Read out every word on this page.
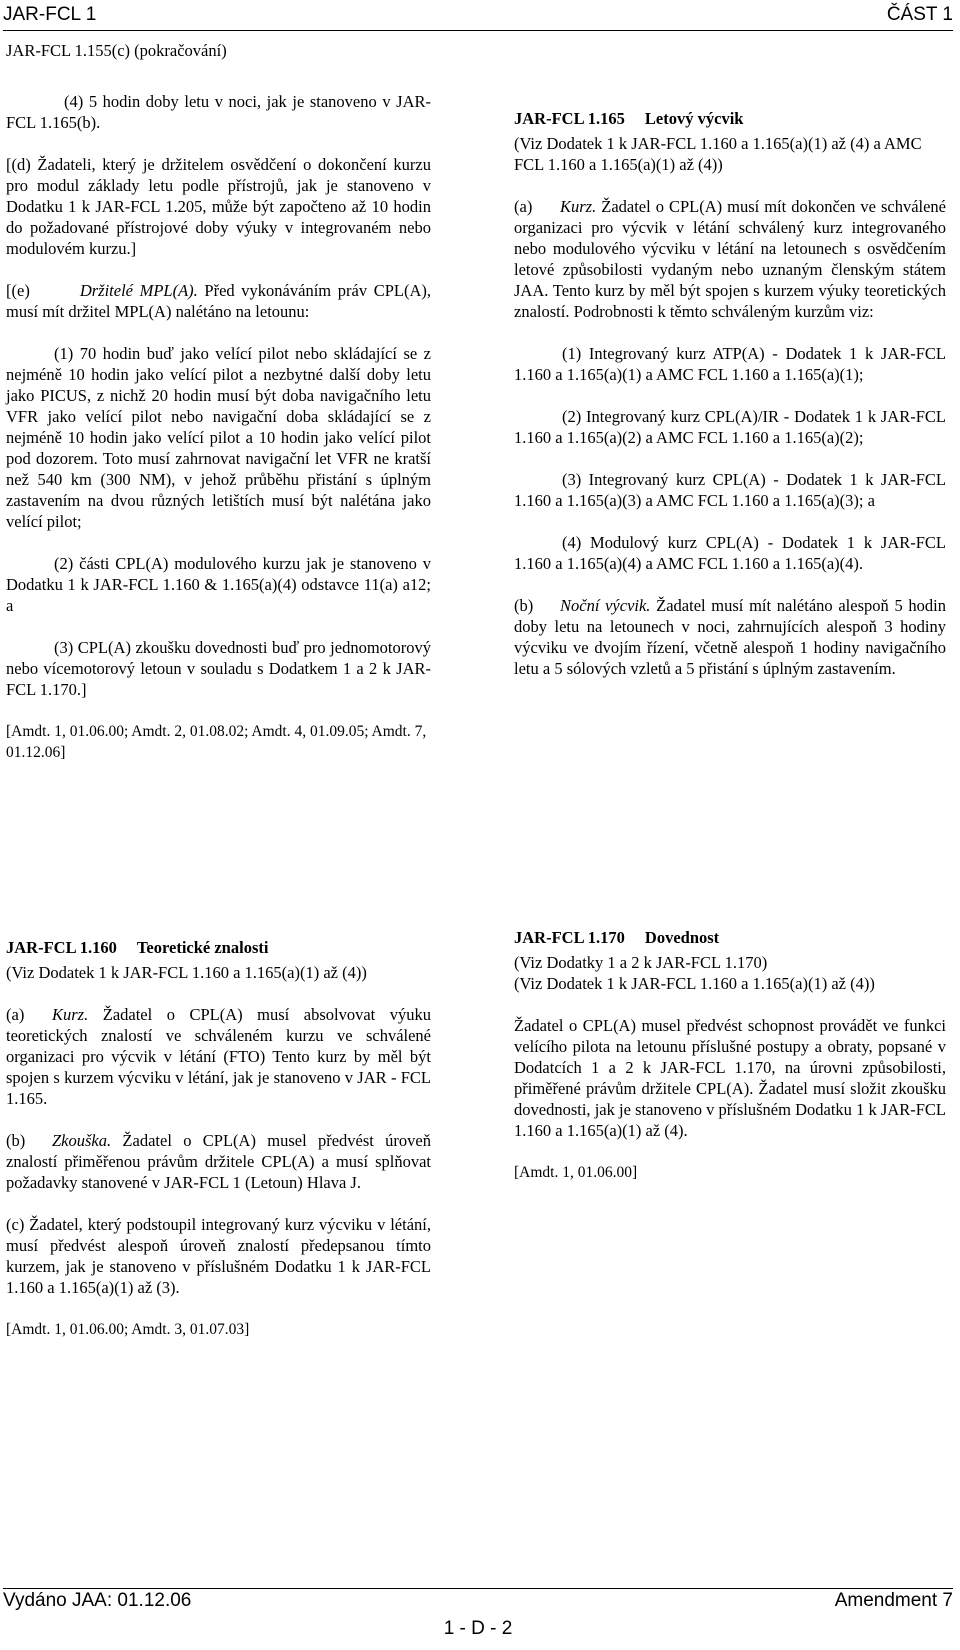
JAR-FCL 1	ČÁST 1

JAR-FCL 1.155(c) (pokračování)

(4) 5 hodin doby letu v noci, jak je stanoveno v JAR-FCL 1.165(b).

[(d) Žadateli, který je držitelem osvědčení o dokončení kurzu pro modul základy letu podle přístrojů, jak je stanoveno v Dodatku 1 k JAR-FCL 1.205, může být započteno až 10 hodin do požadované přístrojové doby výuky v integrovaném nebo modulovém kurzu.]

[(e)	Držitelé MPL(A). Před vykonáváním práv CPL(A), musí mít držitel MPL(A) nalétáno na letounu:

(1) 70 hodin buď jako velící pilot nebo skládající se z nejméně 10 hodin jako velící pilot a nezbytné další doby letu jako PICUS, z nichž 20 hodin musí být doba navigačního letu VFR jako velící pilot nebo navigační doba skládající se z nejméně 10 hodin jako velící pilot a 10 hodin jako velící pilot pod dozorem. Toto musí zahrnovat navigační let VFR ne kratší než 540 km (300 NM), v jehož průběhu přistání s úplným zastavením na dvou různých letištích musí být nalétána jako velící pilot;

(2) části CPL(A) modulového kurzu jak je stanoveno v Dodatku 1 k JAR-FCL 1.160 & 1.165(a)(4) odstavce 11(a) a12; a

(3) CPL(A) zkoušku dovednosti buď pro jednomotorový nebo vícemotorový letoun v souladu s Dodatkem 1 a 2 k JAR-FCL 1.170.]

[Amdt. 1, 01.06.00; Amdt. 2, 01.08.02; Amdt. 4, 01.09.05; Amdt. 7, 01.12.06]

JAR-FCL 1.165 Letový výcvik

(Viz Dodatek 1 k JAR-FCL 1.160 a 1.165(a)(1) až (4) a AMC FCL 1.160 a 1.165(a)(1) až (4))

(a) Kurz. Žadatel o CPL(A) musí mít dokončen ve schválené organizaci pro výcvik v létání schválený kurz integrovaného nebo modulového výcviku v létání na letounech s osvědčením letové způsobilosti vydaným nebo uznaným členským státem JAA. Tento kurz by měl být spojen s kurzem výuky teoretických znalostí. Podrobnosti k těmto schváleným kurzům viz:

(1) Integrovaný kurz ATP(A) - Dodatek 1 k JAR-FCL 1.160 a 1.165(a)(1) a AMC FCL 1.160 a 1.165(a)(1);

(2) Integrovaný kurz CPL(A)/IR - Dodatek 1 k JAR-FCL 1.160 a 1.165(a)(2) a AMC FCL 1.160 a 1.165(a)(2);

(3) Integrovaný kurz CPL(A) - Dodatek 1 k JAR-FCL 1.160 a 1.165(a)(3) a AMC FCL 1.160 a 1.165(a)(3); a

(4) Modulový kurz CPL(A) - Dodatek 1 k JAR-FCL 1.160 a 1.165(a)(4) a AMC FCL 1.160 a 1.165(a)(4).

(b) Noční výcvik. Žadatel musí mít nalétáno alespoň 5 hodin doby letu na letounech v noci, zahrnujících alespoň 3 hodiny výcviku ve dvojím řízení, včetně alespoň 1 hodiny navigačního letu a 5 sólových vzletů a 5 přistání s úplným zastavením.

JAR-FCL 1.160 Teoretické znalosti

(Viz Dodatek 1 k JAR-FCL 1.160 a 1.165(a)(1) až (4))

(a) Kurz. Žadatel o CPL(A) musí absolvovat výuku teoretických znalostí ve schváleném kurzu ve schválené organizaci pro výcvik v létání (FTO) Tento kurz by měl být spojen s kurzem výcviku v létání, jak je stanoveno v JAR - FCL 1.165.

(b) Zkouška. Žadatel o CPL(A) musel předvést úroveň znalostí přiměřenou právům držitele CPL(A) a musí splňovat požadavky stanovené v JAR-FCL 1 (Letoun) Hlava J.

(c) Žadatel, který podstoupil integrovaný kurz výcviku v létání, musí předvést alespoň úroveň znalostí předepsanou tímto kurzem, jak je stanoveno v příslušném Dodatku 1 k JAR-FCL 1.160 a 1.165(a)(1) až (3).

[Amdt. 1, 01.06.00; Amdt. 3, 01.07.03]

JAR-FCL 1.170 Dovednost
(Viz Dodatky 1 a 2 k JAR-FCL 1.170)

(Viz Dodatek 1 k JAR-FCL 1.160 a 1.165(a)(1) až (4))

Žadatel o CPL(A) musel předvést schopnost provádět ve funkci velícího pilota na letounu příslušné postupy a obraty, popsané v Dodatcích 1 a 2 k JAR-FCL 1.170, na úrovni způsobilosti, přiměřené právům držitele CPL(A). Žadatel musí složit zkoušku dovednosti, jak je stanoveno v příslušném Dodatku 1 k JAR-FCL 1.160 a 1.165(a)(1) až (4).

[Amdt. 1, 01.06.00]

Vydáno JAA: 01.12.06	Amendment 7
1 - D - 2
